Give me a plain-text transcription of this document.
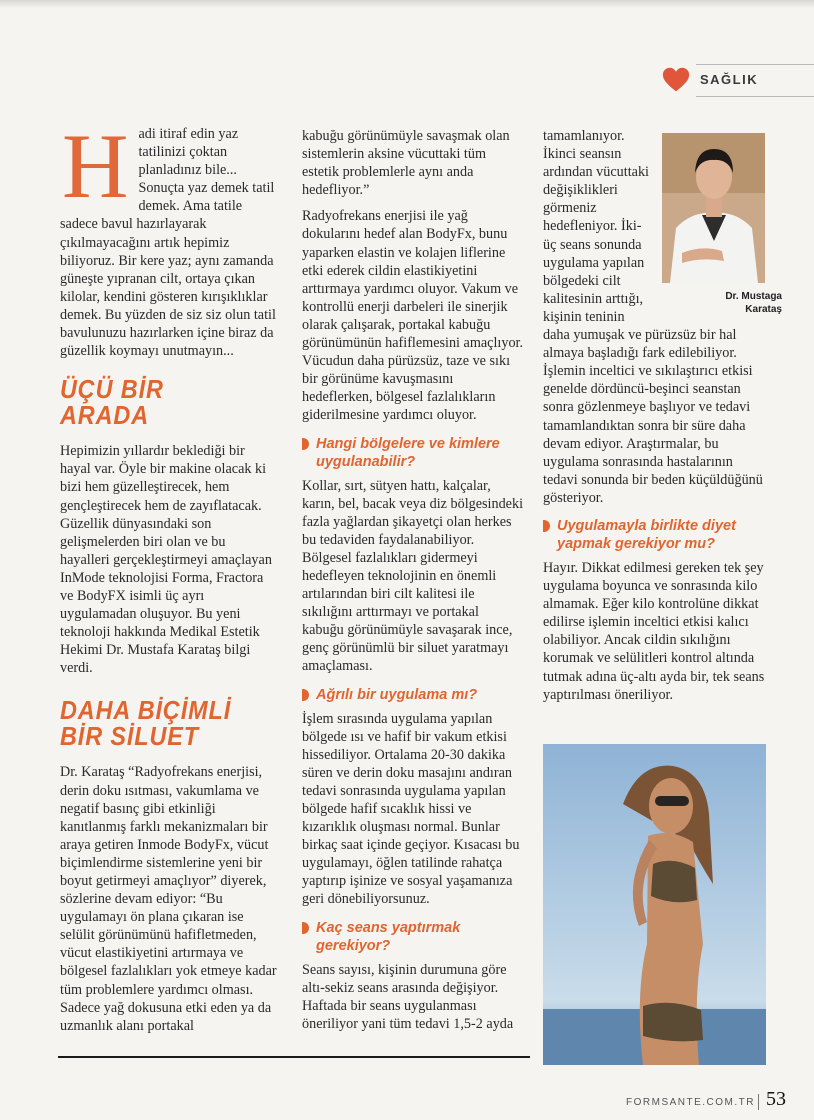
SAĞLIK

H adi itiraf edin yaz tatilinizi çoktan planladınız bile... Sonuçta yaz demek tatil demek. Ama tatile sadece bavul hazırlayarak çıkılmayacağını artık hepimiz biliyoruz. Bir kere yaz; aynı zamanda güneşte yıpranan cilt, ortaya çıkan kilolar, kendini gösteren kırışıklıklar demek. Bu yüzden de siz siz olun tatil bavulunuzu hazırlarken içine biraz da güzellik koymayı unutmayın...

ÜÇÜ BİR ARADA

Hepimizin yıllardır beklediği bir hayal var. Öyle bir makine olacak ki bizi hem güzelleştirecek, hem gençleştirecek hem de zayıflatacak. Güzellik dünyasındaki son gelişmelerden biri olan ve bu hayalleri gerçekleştirmeyi amaçlayan InMode teknolojisi Forma, Fractora ve BodyFX isimli üç ayrı uygulamadan oluşuyor. Bu yeni teknoloji hakkında Medikal Estetik Hekimi Dr. Mustafa Karataş bilgi verdi.

DAHA BİÇİMLİ BİR SİLUET

Dr. Karataş “Radyofrekans enerjisi, derin doku ısıtması, vakumlama ve negatif basınç gibi etkinliği kanıtlanmış farklı mekanizmaları bir araya getiren Inmode BodyFx, vücut biçimlendirme sistemlerine yeni bir boyut getirmeyi amaçlıyor” diyerek, sözlerine devam ediyor: “Bu uygulamayı ön plana çıkaran ise selülit görünümünü hafifletmeden, vücut elastikiyetini artırmaya ve bölgesel fazlalıkları yok etmeye kadar tüm problemlere yardımcı olması. Sadece yağ dokusuna etki eden ya da uzmanlık alanı portakal

kabuğu görünümüyle savaşmak olan sistemlerin aksine vücuttaki tüm estetik problemlerle aynı anda hedefliyor.”

Radyofrekans enerjisi ile yağ dokularını hedef alan BodyFx, bunu yaparken elastin ve kolajen liflerine etki ederek cildin elastikiyetini arttırmaya yardımcı oluyor. Vakum ve kontrollü enerji darbeleri ile sinerjik olarak çalışarak, portakal kabuğu görünümünün hafiflemesini amaçlıyor. Vücudun daha pürüzsüz, taze ve sıkı bir görünüme kavuşmasını hedeflerken, bölgesel fazlalıkların giderilmesine yardımcı oluyor.

Hangi bölgelere ve kimlere uygulanabilir?

Kollar, sırt, sütyen hattı, kalçalar, karın, bel, bacak veya diz bölgesindeki fazla yağlardan şikayetçi olan herkes bu tedaviden faydalanabiliyor. Bölgesel fazlalıkları gidermeyi hedefleyen teknolojinin en önemli artılarından biri cilt kalitesi ile sıkılığını arttırmayı ve portakal kabuğu görünümüyle savaşarak ince, genç görünümlü bir siluet yaratmayı amaçlaması.

Ağrılı bir uygulama mı?

İşlem sırasında uygulama yapılan bölgede ısı ve hafif bir vakum etkisi hissediliyor. Ortalama 20-30 dakika süren ve derin doku masajını andıran tedavi sonrasında uygulama yapılan bölgede hafif sıcaklık hissi ve kızarıklık oluşması normal. Bunlar birkaç saat içinde geçiyor. Kısacası bu uygulamayı, öğlen tatilinde rahatça yaptırıp işinize ve sosyal yaşamanıza geri dönebiliyorsunuz.

Kaç seans yaptırmak gerekiyor?

Seans sayısı, kişinin durumuna göre altı-sekiz seans arasında değişiyor. Haftada bir seans uygulanması öneriliyor yani tüm tedavi 1,5-2 ayda

Dr. Mustaga
Karataş

tamamlanıyor. İkinci seansın ardından vücuttaki değişiklikleri görmeniz hedefleniyor. İki-üç seans sonunda uygulama yapılan bölgedeki cilt kalitesinin arttığı, kişinin teninin daha yumuşak ve pürüzsüz bir hal almaya başladığı fark edilebiliyor. İşlemin inceltici ve sıkılaştırıcı etkisi genelde dördüncü-beşinci seanstan sonra gözlenmeye başlıyor ve tedavi tamamlandıktan sonra bir süre daha devam ediyor. Araştırmalar, bu uygulama sonrasında hastalarının tedavi sonunda bir beden küçüldüğünü gösteriyor.

Uygulamayla birlikte diyet yapmak gerekiyor mu?

Hayır. Dikkat edilmesi gereken tek şey uygulama boyunca ve sonrasında kilo almamak. Eğer kilo kontrolüne dikkat edilirse işlemin inceltici etkisi kalıcı olabiliyor. Ancak cildin sıkılığını korumak ve selülitleri kontrol altında tutmak adına üç-altı ayda bir, tek seans yaptırılması öneriliyor.

FORMSANTE.COM.TR 53
